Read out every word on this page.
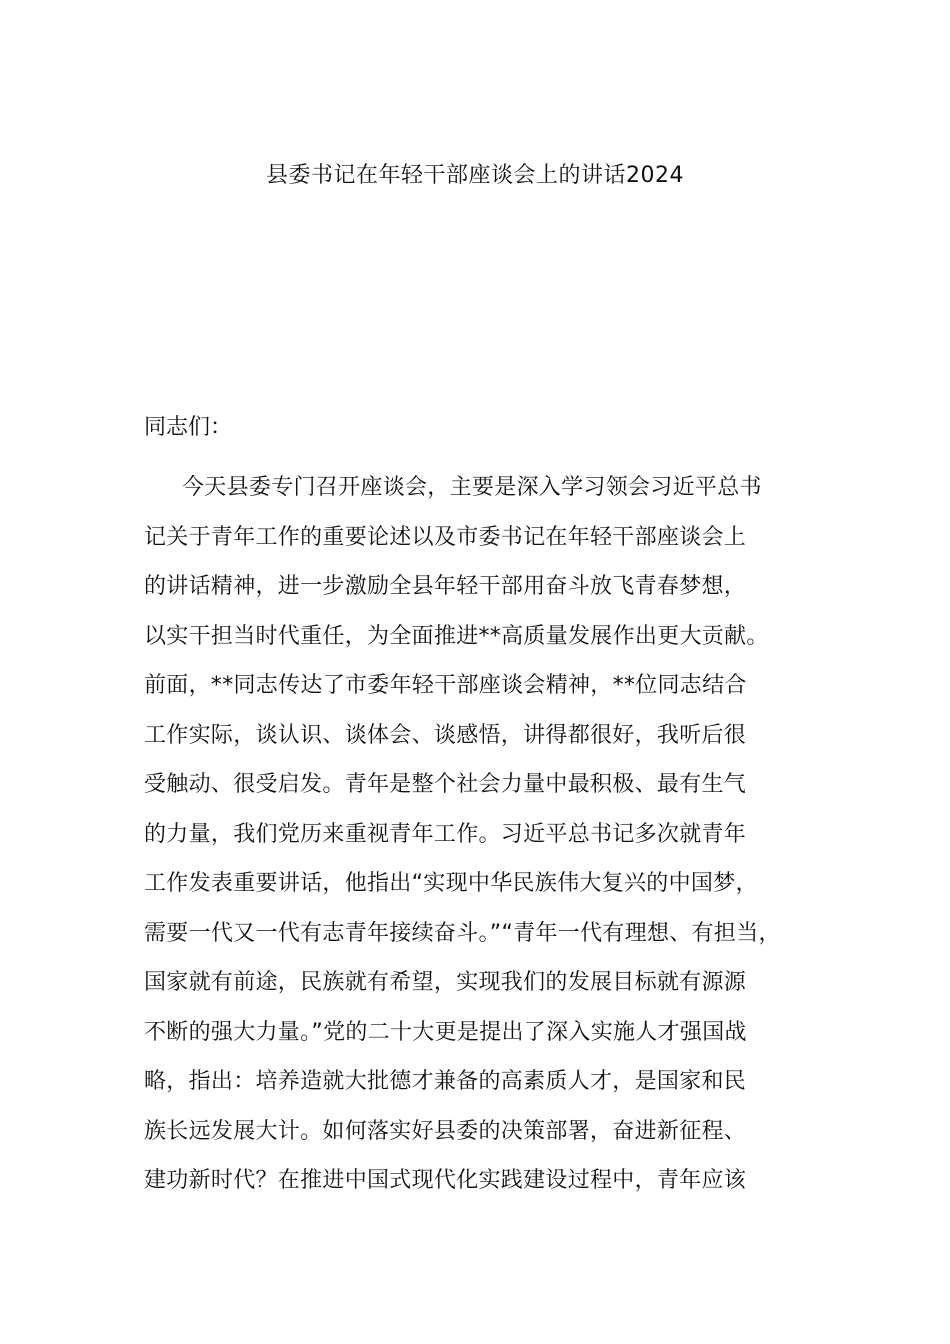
县委书记在年轻干部座谈会上的讲话2024
同志们：
今天县委专门召开座谈会，主要是深入学习领会习近平总书
记关于青年工作的重要论述以及市委书记在年轻干部座谈会上
的讲话精神，进一步激励全县年轻干部用奋斗放飞青春梦想，
以实干担当时代重任，为全面推进**高质量发展作出更大贡献。
前面，**同志传达了市委年轻干部座谈会精神，**位同志结合
工作实际，谈认识、谈体会、谈感悟，讲得都很好，我听后很
受触动、很受启发。青年是整个社会力量中最积极、最有生气
的力量，我们党历来重视青年工作。习近平总书记多次就青年
工作发表重要讲话，他指出“实现中华民族伟大复兴的中国梦，
需要一代又一代有志青年接续奋斗。”“青年一代有理想、有担当，
国家就有前途，民族就有希望，实现我们的发展目标就有源源
不断的强大力量。”党的二十大更是提出了深入实施人才强国战
略，指出：培养造就大批德才兼备的高素质人才，是国家和民
族长远发展大计。如何落实好县委的决策部署，奋进新征程、
建功新时代？在推进中国式现代化实践建设过程中，青年应该
